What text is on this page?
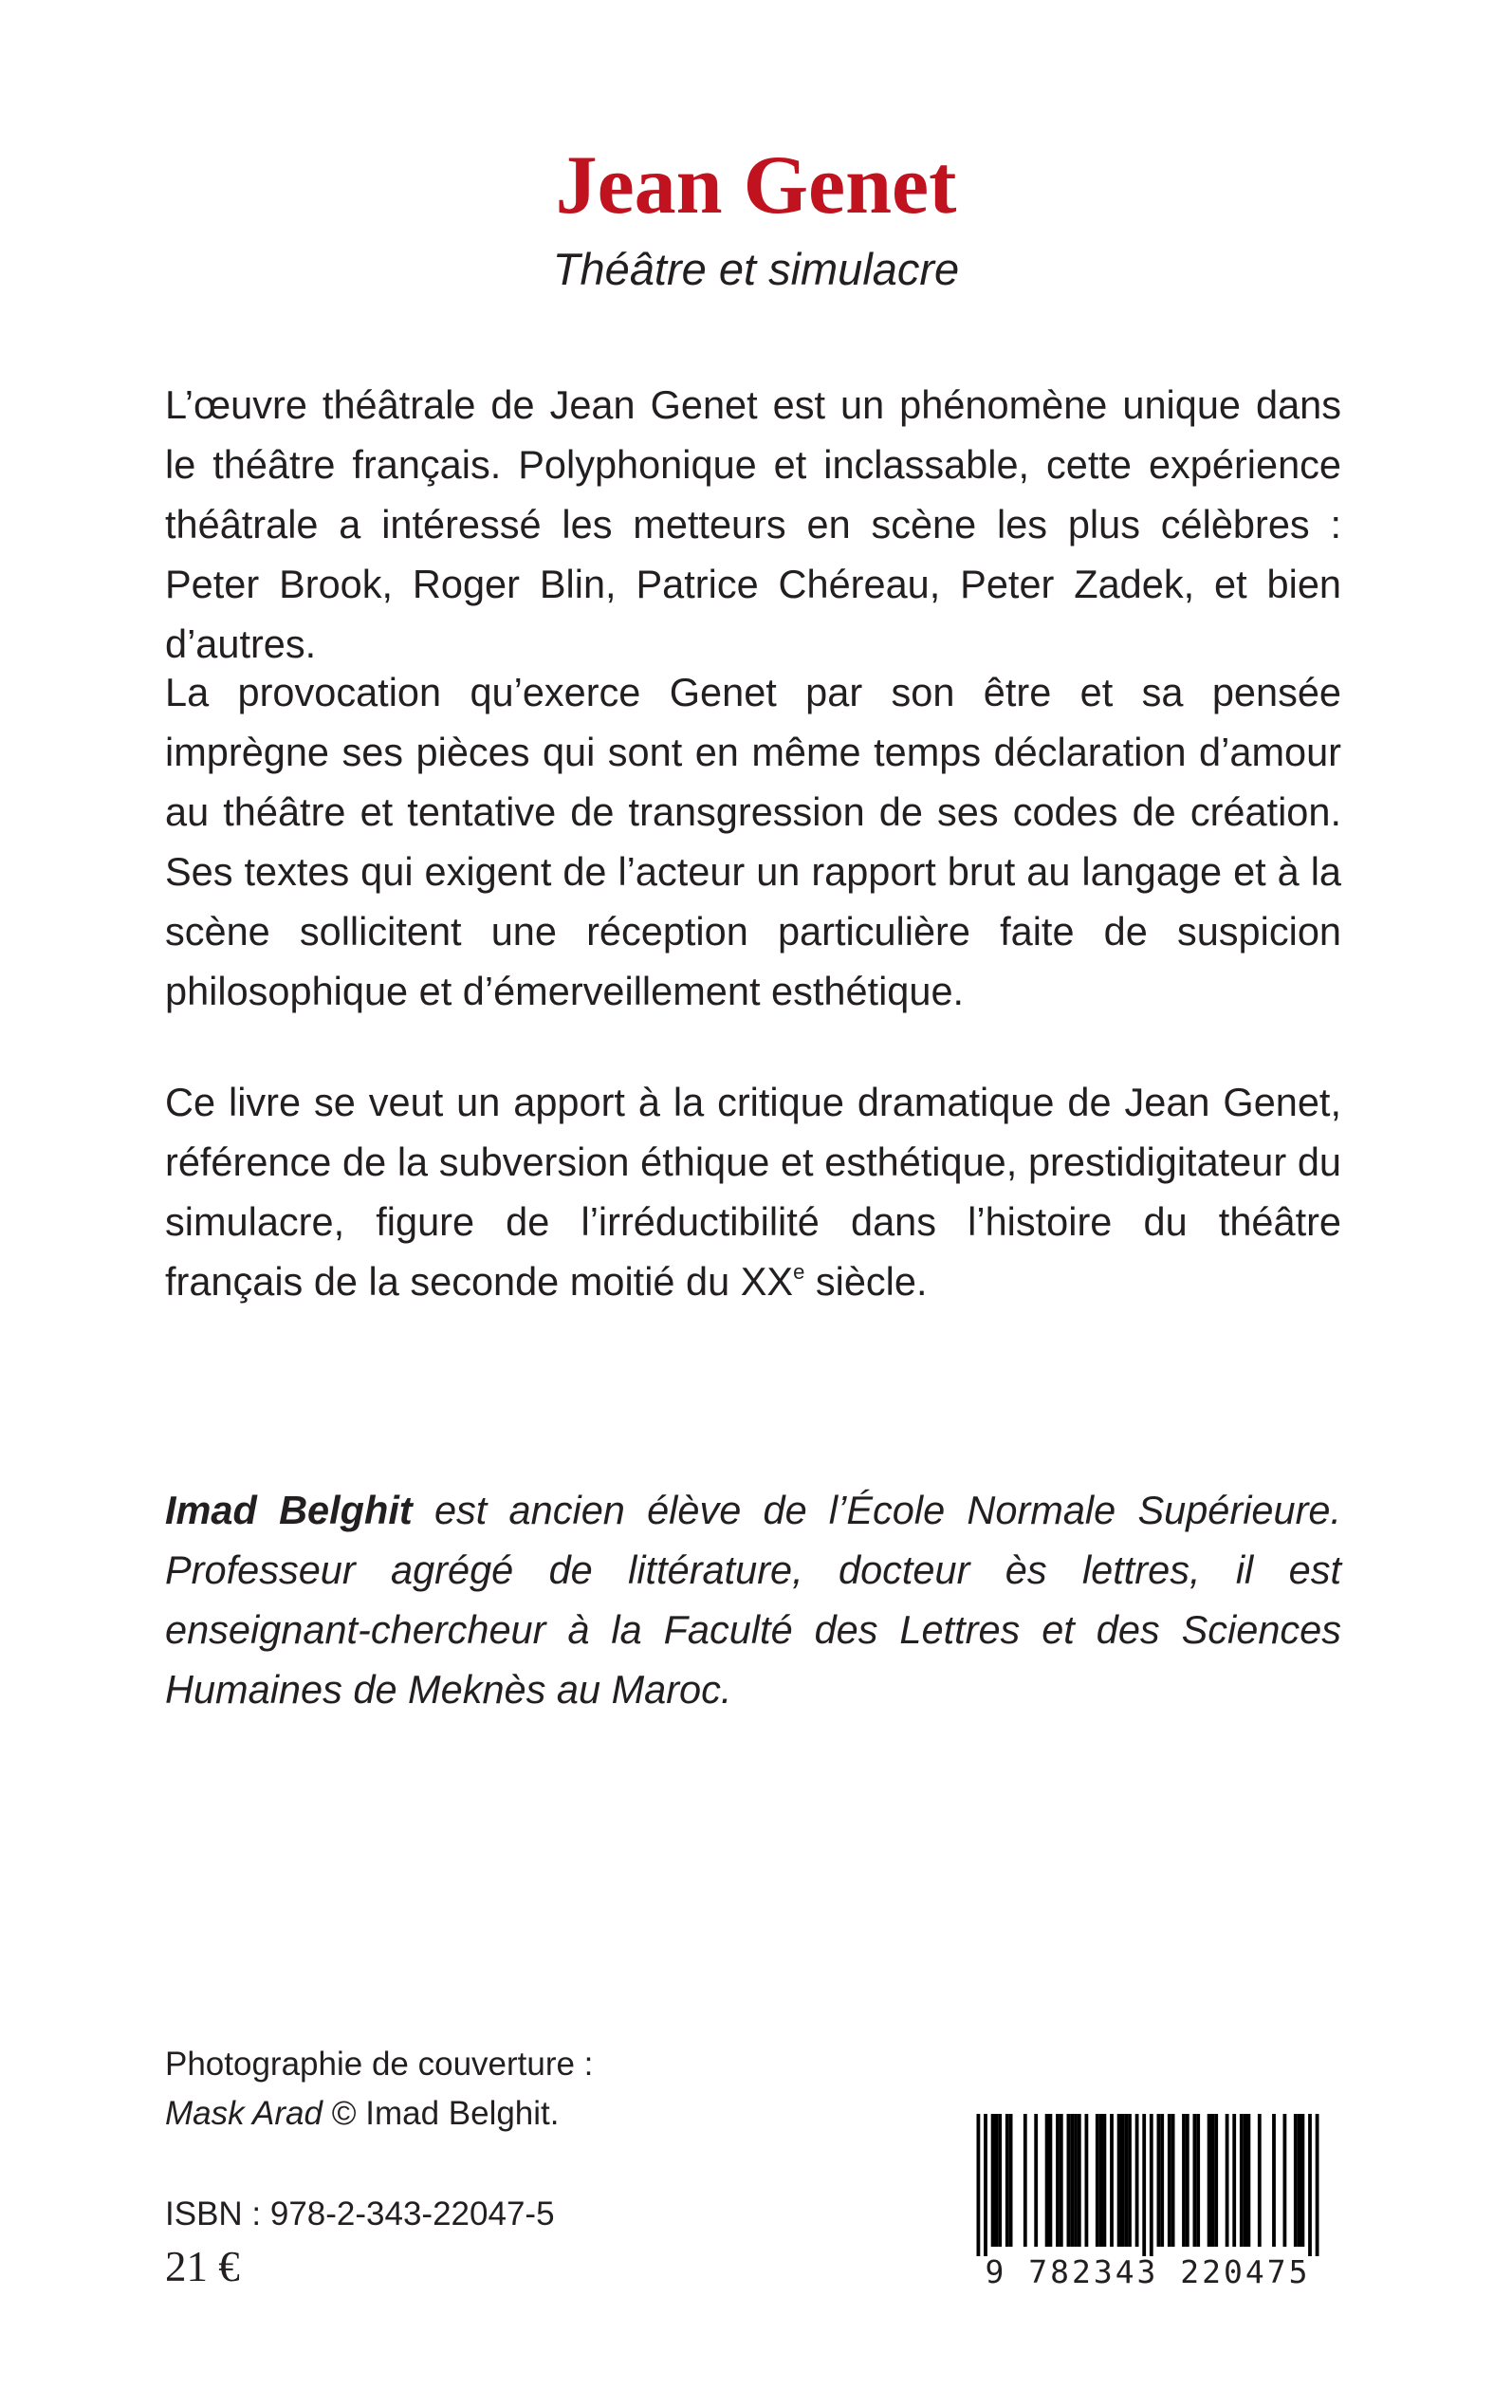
Jean Genet

Théâtre et simulacre

L’œuvre théâtrale de Jean Genet est un phénomène unique dans le théâtre français. Polyphonique et inclassable, cette expérience théâtrale a intéressé les metteurs en scène les plus célèbres : Peter Brook, Roger Blin, Patrice Chéreau, Peter Zadek, et bien d’autres.

La provocation qu’exerce Genet par son être et sa pensée imprègne ses pièces qui sont en même temps déclaration d’amour au théâtre et tentative de transgression de ses codes de création. Ses textes qui exigent de l’acteur un rapport brut au langage et à la scène sollicitent une réception particulière faite de suspicion philosophique et d’émerveillement esthétique.

Ce livre se veut un apport à la critique dramatique de Jean Genet, référence de la subversion éthique et esthétique, prestidigitateur du simulacre, figure de l’irréductibilité dans l’histoire du théâtre français de la seconde moitié du XXe siècle.

Imad Belghit est ancien élève de l’École Normale Supérieure. Professeur agrégé de littérature, docteur ès lettres, il est enseignant-chercheur à la Faculté des Lettres et des Sciences Humaines de Meknès au Maroc.

Photographie de couverture :
Mask Arad © Imad Belghit.
ISBN : 978-2-343-22047-5
21 €	9 782343 220475
